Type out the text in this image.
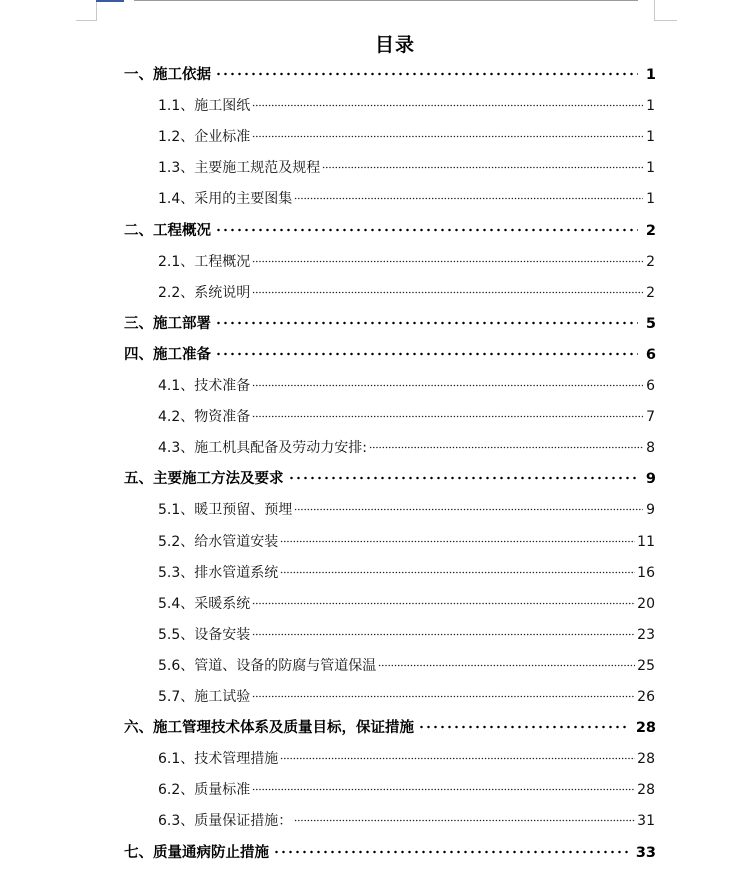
目录
一、施工依据	1
1.1、施工图纸	1
1.2、企业标准	1
1.3、主要施工规范及规程	1
1.4、采用的主要图集	1
二、工程概况	2
2.1、工程概况	2
2.2、系统说明	2
三、施工部署	5
四、施工准备	6
4.1、技术准备	6
4.2、物资准备	7
4.3、施工机具配备及劳动力安排:	8
五、主要施工方法及要求	9
5.1、暖卫预留、预埋	9
5.2、给水管道安装	11
5.3、排水管道系统	16
5.4、采暖系统	20
5.5、设备安装	23
5.6、管道、设备的防腐与管道保温	25
5.7、施工试验	26
六、施工管理技术体系及质量目标，保证措施	28
6.1、技术管理措施	28
6.2、质量标准	28
6.3、质量保证措施：	31
七、质量通病防止措施	33
